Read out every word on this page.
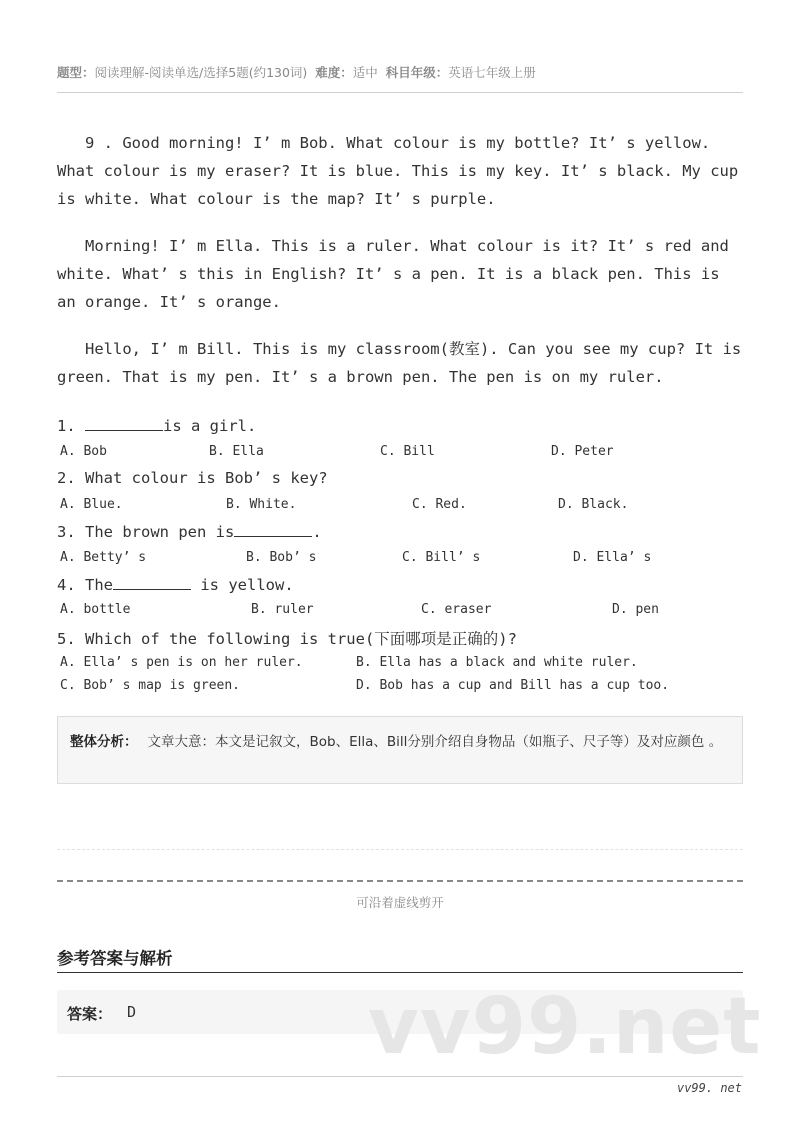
题型：阅读理解-阅读单选/选择5题(约130词) 难度：适中 科目年级：英语七年级上册

9 . Good morning! I’ m Bob. What colour is my bottle? It’ s yellow. What colour is my eraser? It is blue. This is my key. It’ s black. My cup is white. What colour is the map? It’ s purple.

Morning! I’ m Ella. This is a ruler. What colour is it? It’ s red and white. What’ s this in English? It’ s a pen. It is a black pen. This is an orange. It’ s orange.

Hello, I’ m Bill. This is my classroom(教室). Can you see my cup? It is green. That is my pen. It’ s a brown pen. The pen is on my ruler.

1.	is a girl.
A. Bob	B. Ella	C. Bill	D. Peter
2. What colour is Bob’ s key?
A. Blue.	B. White.	C. Red.	D. Black.
3. The brown pen is	.
A. Betty’ s	B. Bob’ s	C. Bill’ s	D. Ella’ s
4. The	is yellow.
A. bottle	B. ruler	C. eraser	D. pen
5. Which of the following is true(下面哪项是正确的)?
A. Ella’ s pen is on her ruler.	B. Ella has a black and white ruler.
C. Bob’ s map is green.	D. Bob has a cup and Bill has a cup too.
整体分析： 文章大意：本文是记叙文，Bob、Ella、Bill分别介绍自身物品（如瓶子、尺子等）及对应颜色 。
可沿着虚线剪开
参考答案与解析
答案： D	vv99.net
vv99. net
